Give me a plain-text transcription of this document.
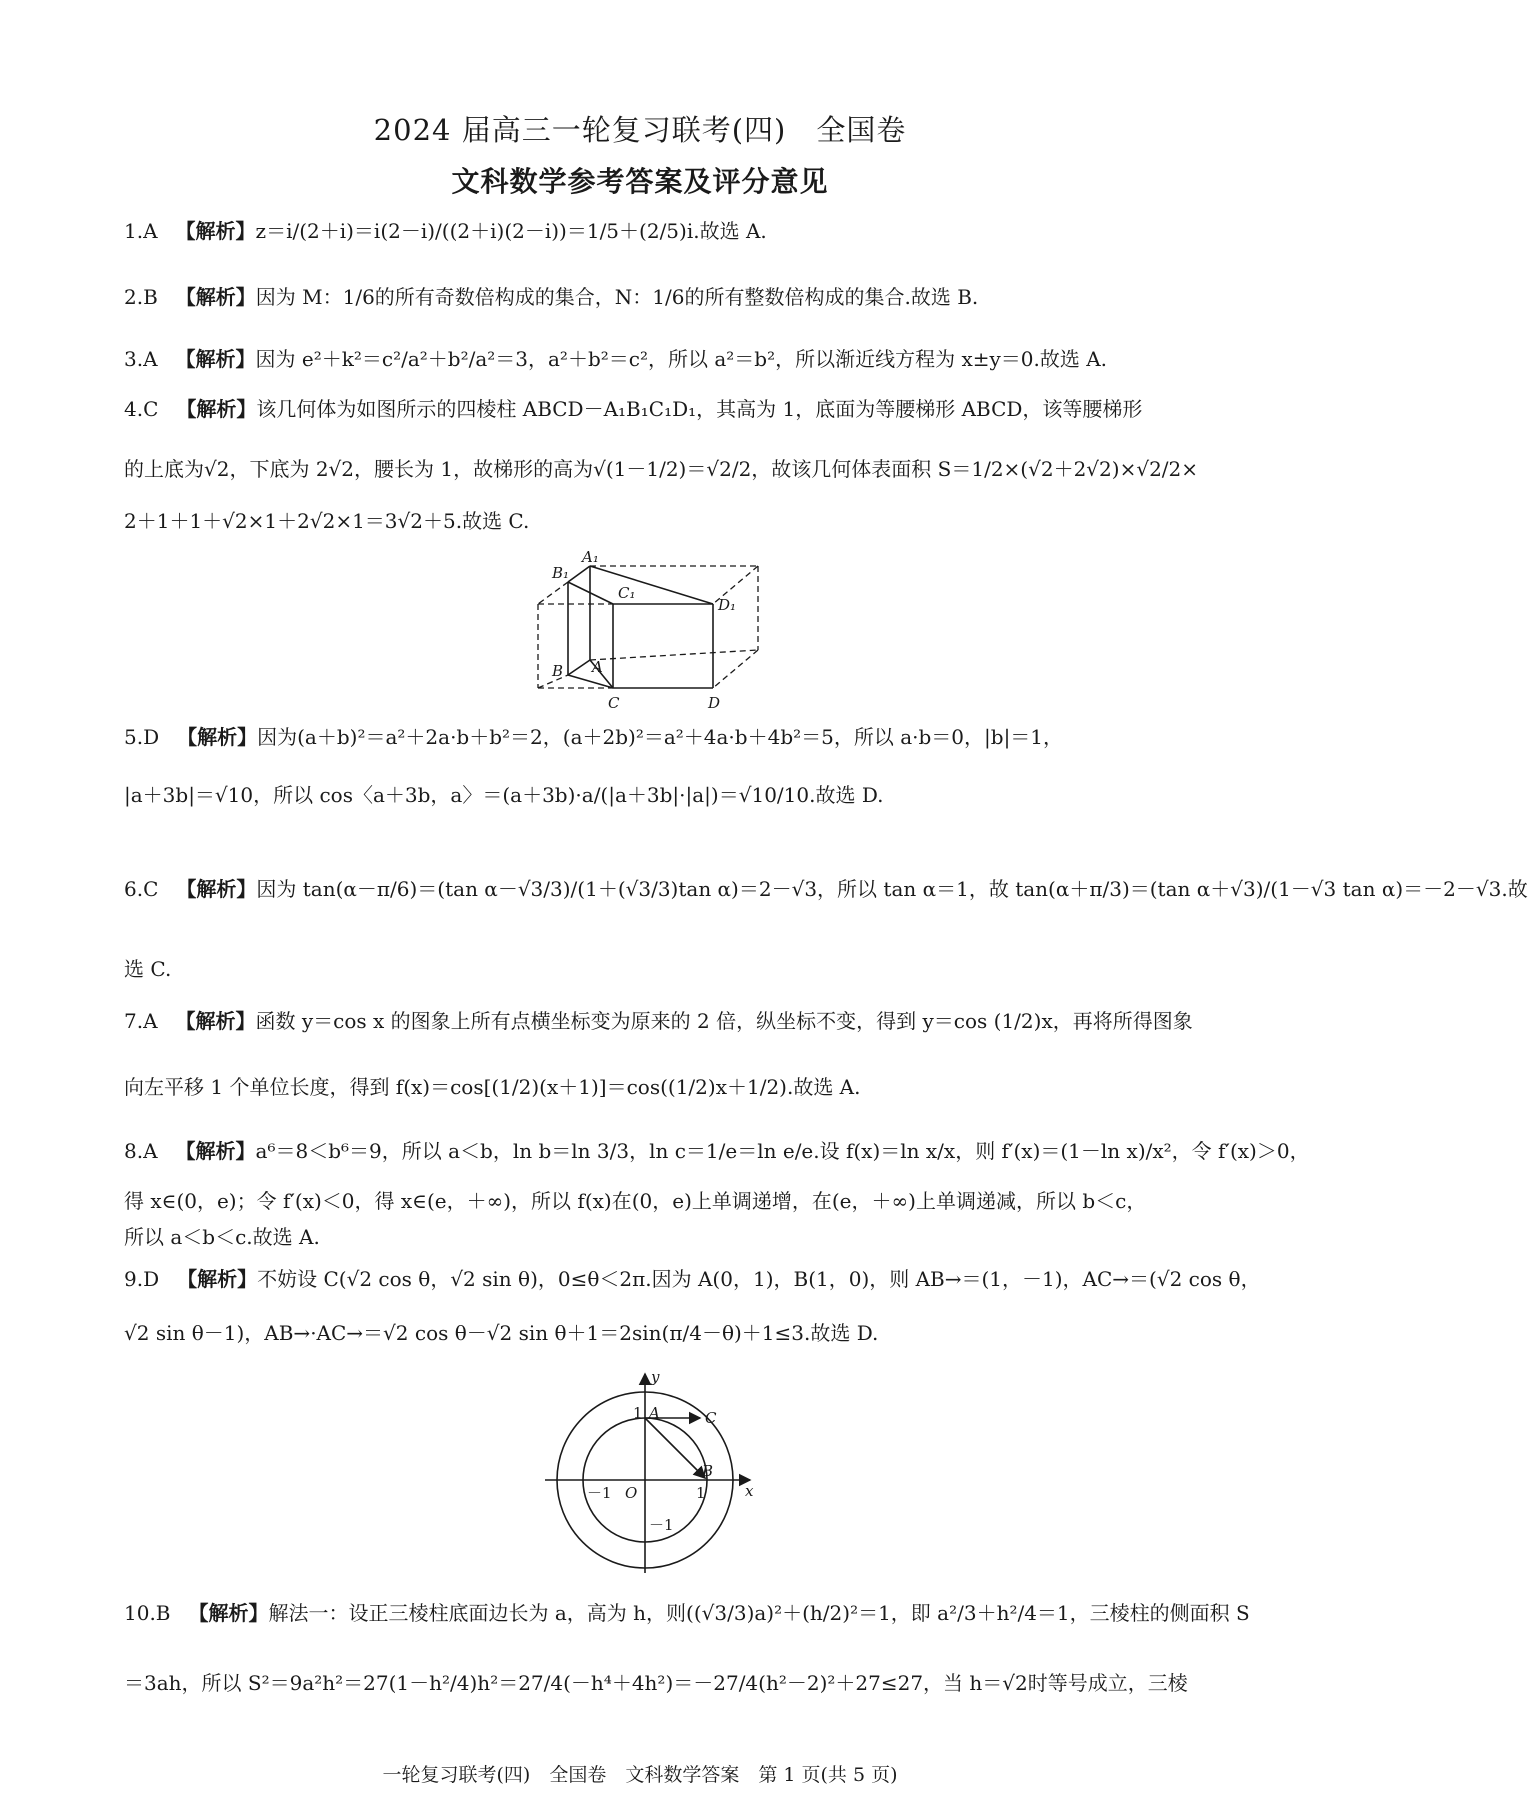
2024 届高三一轮复习联考(四)　全国卷
文科数学参考答案及评分意见
1.A 【解析】z＝i/(2＋i)＝i(2－i)/((2＋i)(2－i))＝1/5＋(2/5)i.故选 A.
2.B 【解析】因为 M：1/6的所有奇数倍构成的集合，N：1/6的所有整数倍构成的集合.故选 B.
3.A 【解析】因为 e²＋k²＝c²/a²＋b²/a²＝3，a²＋b²＝c²，所以 a²＝b²，所以渐近线方程为 x±y＝0.故选 A.
4.C 【解析】该几何体为如图所示的四棱柱 ABCD－A₁B₁C₁D₁，其高为 1，底面为等腰梯形 ABCD，该等腰梯形
的上底为√2，下底为 2√2，腰长为 1，故梯形的高为√(1－1/2)＝√2/2，故该几何体表面积 S＝1/2×(√2＋2√2)×√2/2×
2＋1＋1＋√2×1＋2√2×1＝3√2＋5.故选 C.
A₁
B₁
C₁
D₁
A
B
C	D
5.D 【解析】因为(a＋b)²＝a²＋2a·b＋b²＝2，(a＋2b)²＝a²＋4a·b＋4b²＝5，所以 a·b＝0，|b|＝1，
|a＋3b|＝√10，所以 cos〈a＋3b，a〉＝(a＋3b)·a/(|a＋3b|·|a|)＝√10/10.故选 D.
6.C 【解析】因为 tan(α－π/6)＝(tan α－√3/3)/(1＋(√3/3)tan α)＝2－√3，所以 tan α＝1，故 tan(α＋π/3)＝(tan α＋√3)/(1－√3 tan α)＝－2－√3.故
选 C.
7.A 【解析】函数 y＝cos x 的图象上所有点横坐标变为原来的 2 倍，纵坐标不变，得到 y＝cos (1/2)x，再将所得图象
向左平移 1 个单位长度，得到 f(x)＝cos[(1/2)(x＋1)]＝cos((1/2)x＋1/2).故选 A.
8.A 【解析】a⁶＝8＜b⁶＝9，所以 a＜b，ln b＝ln 3/3，ln c＝1/e＝ln e/e.设 f(x)＝ln x/x，则 f′(x)＝(1－ln x)/x²，令 f′(x)＞0，
得 x∈(0，e)；令 f′(x)＜0，得 x∈(e，＋∞)，所以 f(x)在(0，e)上单调递增，在(e，＋∞)上单调递减，所以 b＜c，
所以 a＜b＜c.故选 A.
9.D 【解析】不妨设 C(√2 cos θ，√2 sin θ)，0≤θ＜2π.因为 A(0，1)，B(1，0)，则 AB→＝(1，－1)，AC→＝(√2 cos θ，
√2 sin θ－1)，AB→·AC→＝√2 cos θ－√2 sin θ＋1＝2sin(π/4－θ)＋1≤3.故选 D.
y
x
A	C
B
O
1
1
－1
－1
10.B 【解析】解法一：设正三棱柱底面边长为 a，高为 h，则((√3/3)a)²＋(h/2)²＝1，即 a²/3＋h²/4＝1，三棱柱的侧面积 S
＝3ah，所以 S²＝9a²h²＝27(1－h²/4)h²＝27/4(－h⁴＋4h²)＝－27/4(h²－2)²＋27≤27，当 h＝√2时等号成立，三棱
一轮复习联考(四)　全国卷　文科数学答案　第 1 页(共 5 页)
